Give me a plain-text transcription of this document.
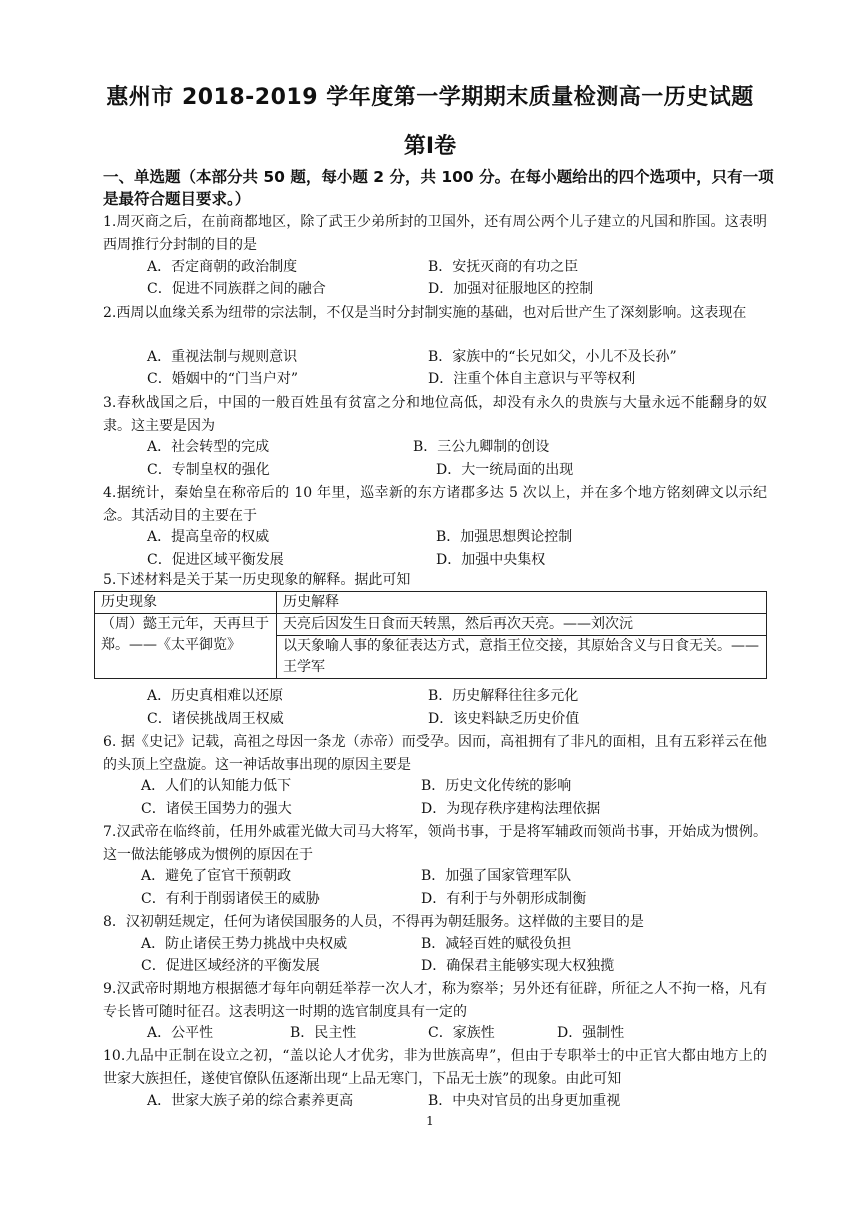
惠州市 2018-2019 学年度第一学期期末质量检测高一历史试题
第Ⅰ卷
一、单选题（本部分共 50 题，每小题 2 分，共 100 分。在每小题给出的四个选项中，只有一项是最符合题目要求。）
1.周灭商之后，在前商都地区，除了武王少弟所封的卫国外，还有周公两个儿子建立的凡国和胙国。这表明西周推行分封制的目的是
A．否定商朝的政治制度	B．安抚灭商的有功之臣
C．促进不同族群之间的融合	D．加强对征服地区的控制
2.西周以血缘关系为纽带的宗法制，不仅是当时分封制实施的基础，也对后世产生了深刻影响。这表现在
A．重视法制与规则意识	B．家族中的“长兄如父，小儿不及长孙”
C．婚姻中的“门当户对”	D．注重个体自主意识与平等权利
3.春秋战国之后，中国的一般百姓虽有贫富之分和地位高低，却没有永久的贵族与大量永远不能翻身的奴隶。这主要是因为
A．社会转型的完成	B．三公九卿制的创设
C．专制皇权的强化	D．大一统局面的出现
4.据统计，秦始皇在称帝后的 10 年里，巡幸新的东方诸郡多达 5 次以上，并在多个地方铭刻碑文以示纪念。其活动目的主要在于
A．提高皇帝的权威	B．加强思想舆论控制
C．促进区域平衡发展	D．加强中央集权
5.下述材料是关于某一历史现象的解释。据此可知
历史现象	历史解释
（周）懿王元年，天再旦于郑。——《太平御览》	天亮后因发生日食而天转黑，然后再次天亮。——刘次沅
	以天象喻人事的象征表达方式，意指王位交接，其原始含义与日食无关。——王学军
A．历史真相难以还原	B．历史解释往往多元化
C．诸侯挑战周王权威	D．该史料缺乏历史价值
6. 据《史记》记载，高祖之母因一条龙（赤帝）而受孕。因而，高祖拥有了非凡的面相，且有五彩祥云在他的头顶上空盘旋。这一神话故事出现的原因主要是
A．人们的认知能力低下	B．历史文化传统的影响
C．诸侯王国势力的强大	D．为现存秩序建构法理依据
7.汉武帝在临终前，任用外戚霍光做大司马大将军，领尚书事，于是将军辅政而领尚书事，开始成为惯例。这一做法能够成为惯例的原因在于
A．避免了宦官干预朝政	B．加强了国家管理军队
C．有利于削弱诸侯王的威胁	D．有利于与外朝形成制衡
8．汉初朝廷规定，任何为诸侯国服务的人员，不得再为朝廷服务。这样做的主要目的是
A．防止诸侯王势力挑战中央权威	B．减轻百姓的赋役负担
C．促进区域经济的平衡发展	D．确保君主能够实现大权独揽
9.汉武帝时期地方根据德才每年向朝廷举荐一次人才，称为察举；另外还有征辟，所征之人不拘一格，凡有专长皆可随时征召。这表明这一时期的选官制度具有一定的
A．公平性	B．民主性	C．家族性	D．强制性
10.九品中正制在设立之初，“盖以论人才优劣，非为世族高卑”，但由于专职举士的中正官大都由地方上的世家大族担任，遂使官僚队伍逐渐出现“上品无寒门，下品无士族”的现象。由此可知
A．世家大族子弟的综合素养更高	B．中央对官员的出身更加重视
1
